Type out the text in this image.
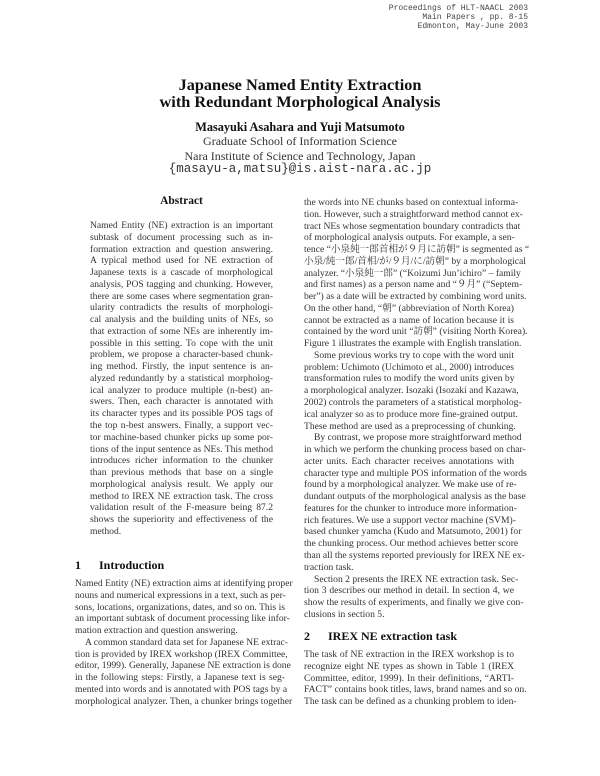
Proceedings of HLT-NAACL 2003
Main Papers , pp. 8-15
Edmonton, May-June 2003
Japanese Named Entity Extraction
with Redundant Morphological Analysis
Masayuki Asahara and Yuji Matsumoto
Graduate School of Information Science
Nara Institute of Science and Technology, Japan
{masayu-a,matsu}@is.aist-nara.ac.jp
Abstract
Named Entity (NE) extraction is an important
subtask of document processing such as in-
formation extraction and question answering.
A typical method used for NE extraction of
Japanese texts is a cascade of morphological
analysis, POS tagging and chunking. However,
there are some cases where segmentation gran-
ularity contradicts the results of morphologi-
cal analysis and the building units of NEs, so
that extraction of some NEs are inherently im-
possible in this setting. To cope with the unit
problem, we propose a character-based chunk-
ing method. Firstly, the input sentence is an-
alyzed redundantly by a statistical morpholog-
ical analyzer to produce multiple (n-best) an-
swers. Then, each character is annotated with
its character types and its possible POS tags of
the top n-best answers. Finally, a support vec-
tor machine-based chunker picks up some por-
tions of the input sentence as NEs. This method
introduces richer information to the chunker
than previous methods that base on a single
morphological analysis result. We apply our
method to IREX NE extraction task. The cross
validation result of the F-measure being 87.2
shows the superiority and effectiveness of the
method.
1 Introduction
Named Entity (NE) extraction aims at identifying proper
nouns and numerical expressions in a text, such as per-
sons, locations, organizations, dates, and so on. This is
an important subtask of document processing like infor-
mation extraction and question answering.
A common standard data set for Japanese NE extrac-
tion is provided by IREX workshop (IREX Committee,
editor, 1999). Generally, Japanese NE extraction is done
in the following steps: Firstly, a Japanese text is seg-
mented into words and is annotated with POS tags by a
morphological analyzer. Then, a chunker brings together
the words into NE chunks based on contextual informa-
tion. However, such a straightforward method cannot ex-
tract NEs whose segmentation boundary contradicts that
of morphological analysis outputs. For example, a sen-
tence “小泉純一郎首相が９月に訪朝” is segmented as “
小泉/純一郎/首相/が/９月/に/訪朝” by a morphological
analyzer. “小泉純一郎” (“Koizumi Jun’ichiro” – family
and first names) as a person name and “９月” (“Septem-
ber”) as a date will be extracted by combining word units.
On the other hand, “朝” (abbreviation of North Korea)
cannot be extracted as a name of location because it is
contained by the word unit “訪朝” (visiting North Korea).
Figure 1 illustrates the example with English translation.
Some previous works try to cope with the word unit
problem: Uchimoto (Uchimoto et al., 2000) introduces
transformation rules to modify the word units given by
a morphological analyzer. Isozaki (Isozaki and Kazawa,
2002) controls the parameters of a statistical morpholog-
ical analyzer so as to produce more fine-grained output.
These method are used as a preprocessing of chunking.
By contrast, we propose more straightforward method
in which we perform the chunking process based on char-
acter units. Each character receives annotations with
character type and multiple POS information of the words
found by a morphological analyzer. We make use of re-
dundant outputs of the morphological analysis as the base
features for the chunker to introduce more information-
rich features. We use a support vector machine (SVM)-
based chunker yamcha (Kudo and Matsumoto, 2001) for
the chunking process. Our method achieves better score
than all the systems reported previously for IREX NE ex-
traction task.
Section 2 presents the IREX NE extraction task. Sec-
tion 3 describes our method in detail. In section 4, we
show the results of experiments, and finally we give con-
clusions in section 5.
2 IREX NE extraction task
The task of NE extraction in the IREX workshop is to
recognize eight NE types as shown in Table 1 (IREX
Committee, editor, 1999). In their definitions, “ARTI-
FACT” contains book titles, laws, brand names and so on.
The task can be defined as a chunking problem to iden-
